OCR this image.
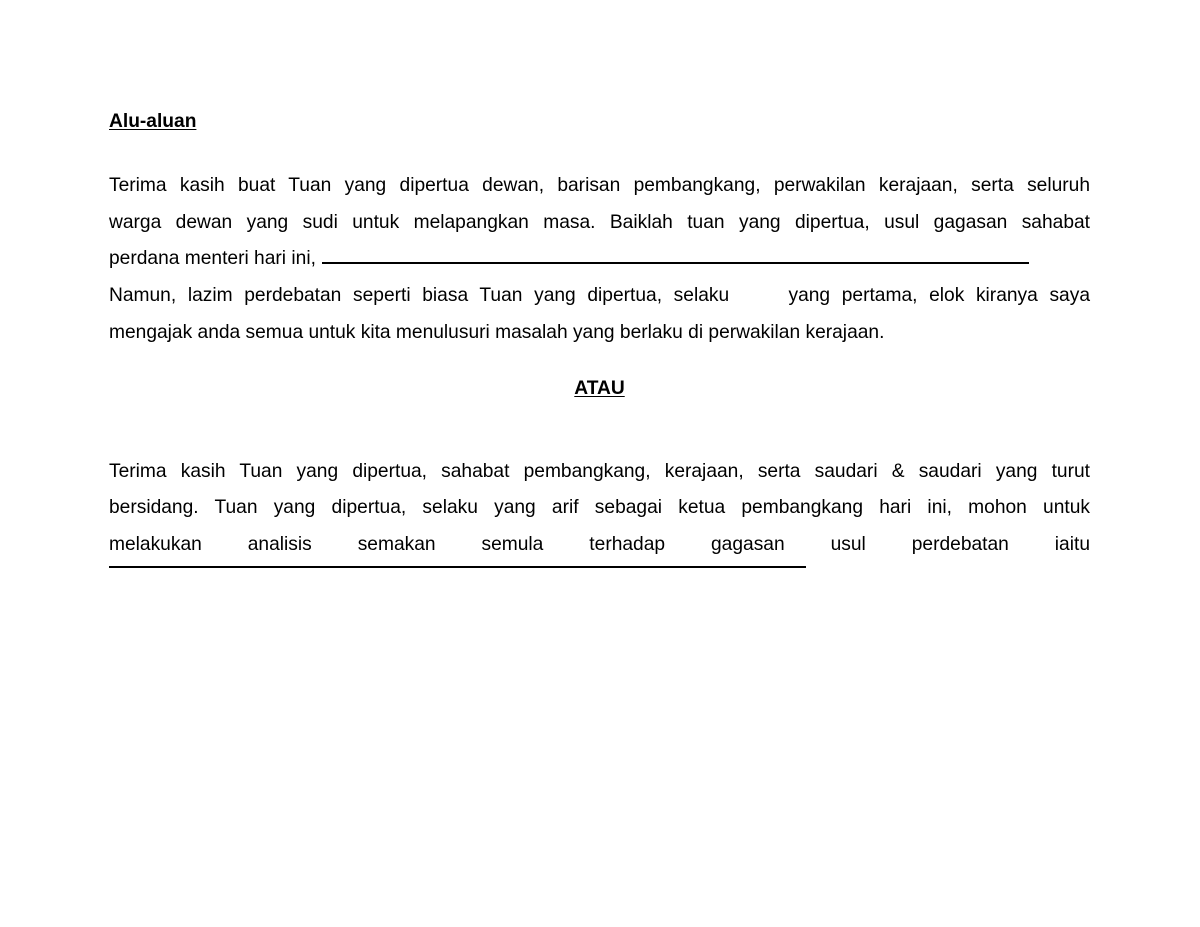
Alu-aluan

Terima kasih buat Tuan yang dipertua dewan, barisan pembangkang, perwakilan kerajaan, serta seluruh
warga dewan yang sudi untuk melapangkan masa. Baiklah tuan yang dipertua, usul gagasan sahabat
perdana menteri hari ini,
Namun, lazim perdebatan seperti biasa Tuan yang dipertua, selaku	yang pertama, elok kiranya saya
mengajak anda semua untuk kita menulusuri masalah yang berlaku di perwakilan kerajaan.

ATAU

Terima kasih Tuan yang dipertua, sahabat pembangkang, kerajaan, serta saudari & saudari yang turut
bersidang. Tuan yang dipertua, selaku yang arif sebagai ketua pembangkang hari ini, mohon untuk
melakukan analisis semakan semula terhadap gagasan usul perdebatan iaitu
